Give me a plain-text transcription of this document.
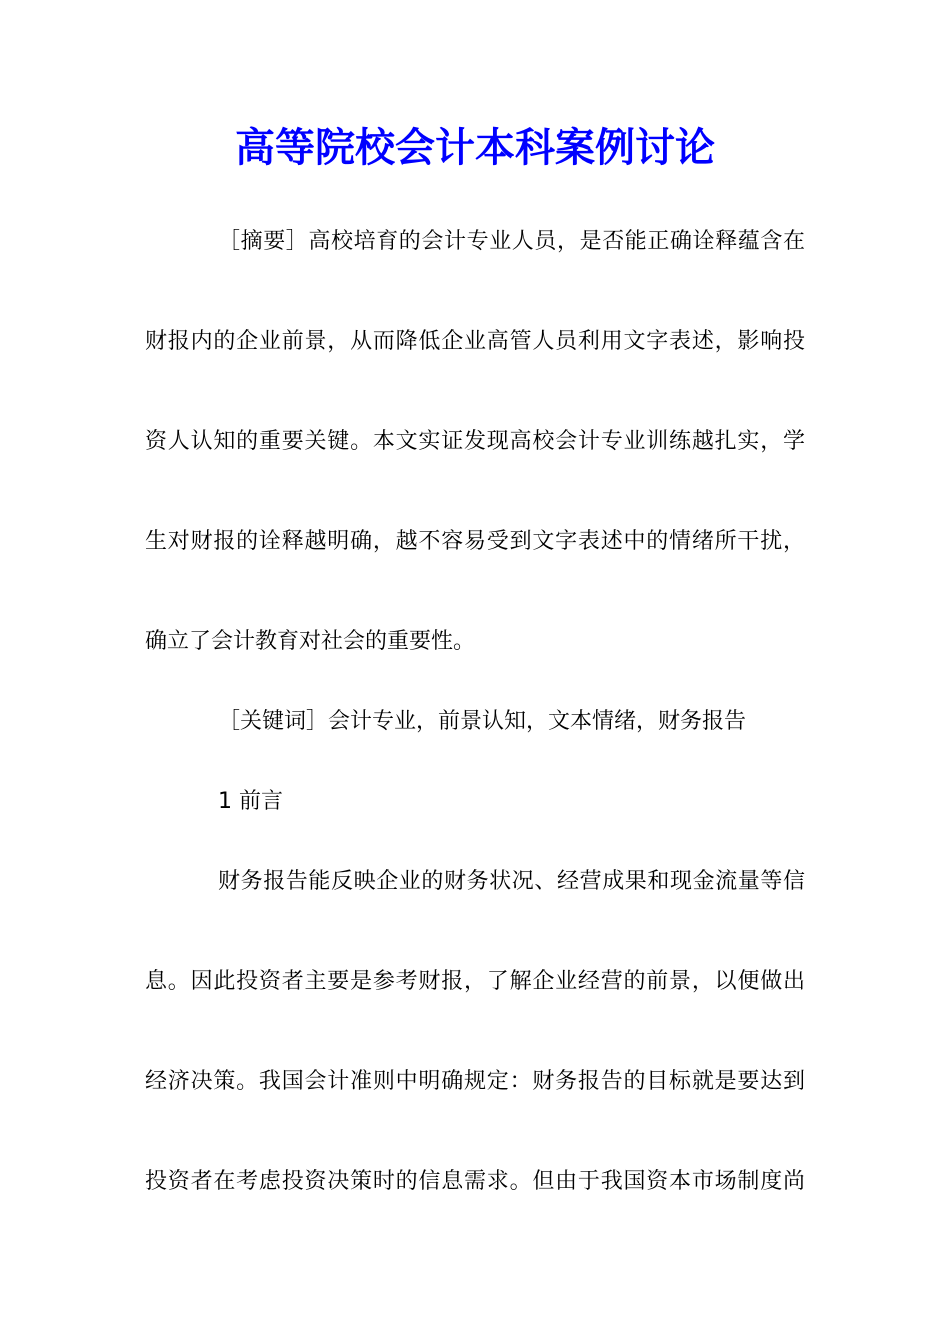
高等院校会计本科案例讨论
［摘要］高校培育的会计专业人员，是否能正确诠释蕴含在
财报内的企业前景，从而降低企业高管人员利用文字表述，影响投
资人认知的重要关键。本文实证发现高校会计专业训练越扎实，学
生对财报的诠释越明确，越不容易受到文字表述中的情绪所干扰，
确立了会计教育对社会的重要性。
［关键词］会计专业，前景认知，文本情绪，财务报告
1 前言
财务报告能反映企业的财务状况、经营成果和现金流量等信
息。因此投资者主要是参考财报，了解企业经营的前景，以便做出
经济决策。我国会计准则中明确规定：财务报告的目标就是要达到
投资者在考虑投资决策时的信息需求。但由于我国资本市场制度尚
